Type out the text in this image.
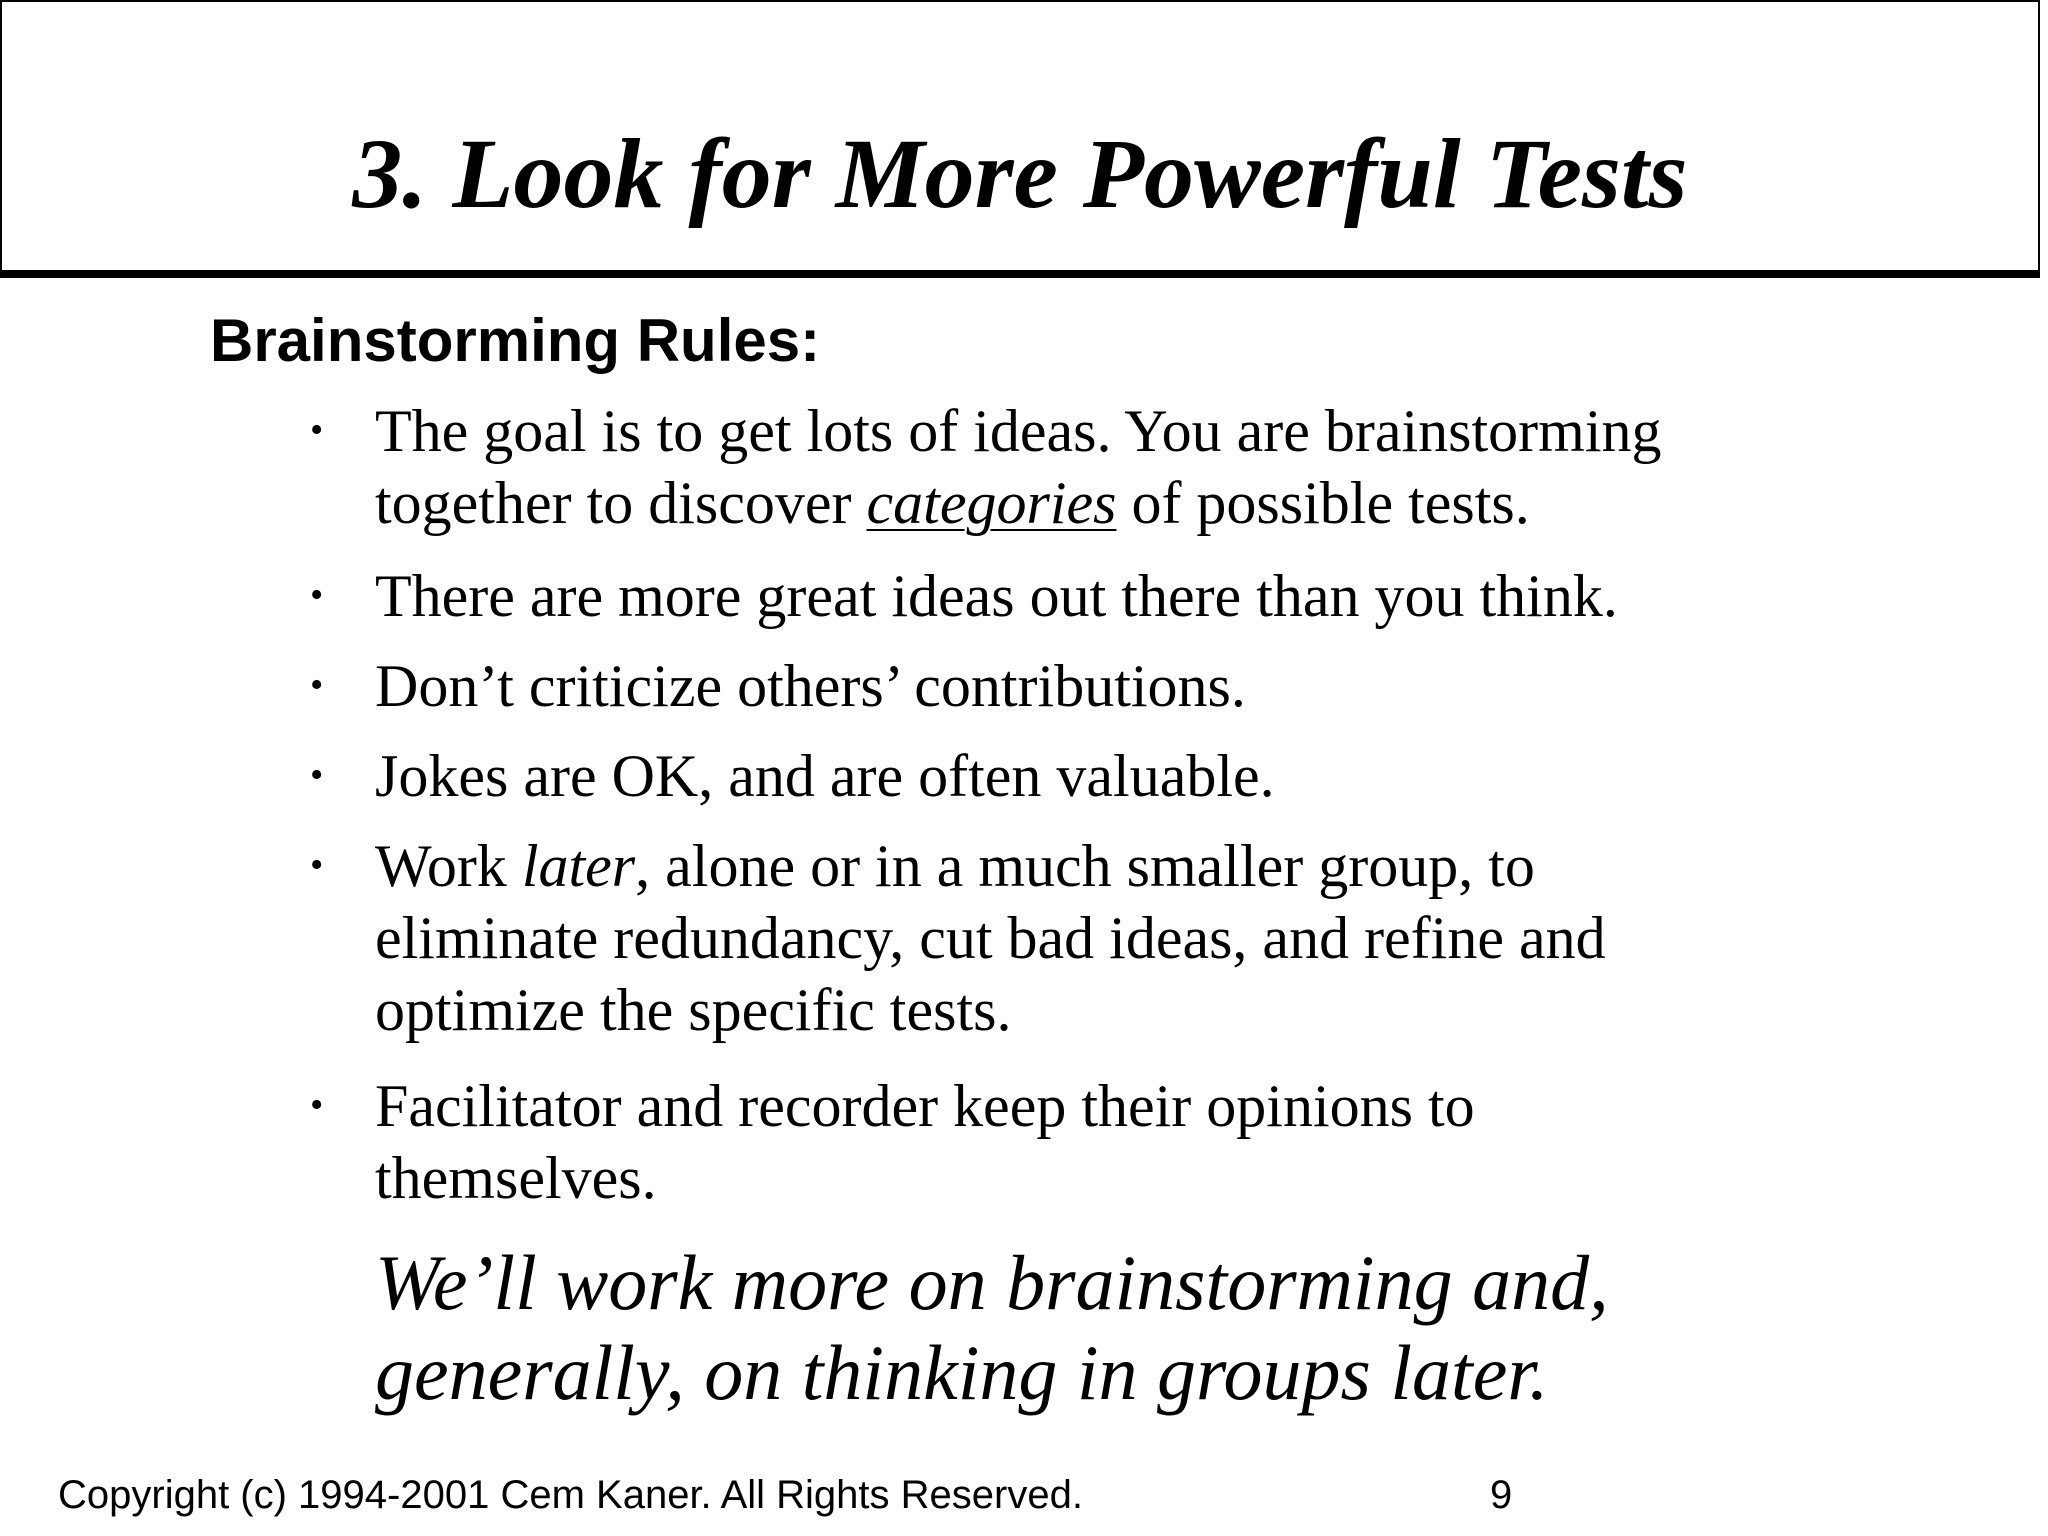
3. Look for More Powerful Tests
Brainstorming Rules:
• The goal is to get lots of ideas. You are brainstorming
together to discover categories of possible tests.
• There are more great ideas out there than you think.
• Don’t criticize others’ contributions.
• Jokes are OK, and are often valuable.
• Work later, alone or in a much smaller group, to
eliminate redundancy, cut bad ideas, and refine and
optimize the specific tests.
• Facilitator and recorder keep their opinions to
themselves.
We’ll work more on brainstorming and,
generally, on thinking in groups later.
Copyright (c) 1994-2001 Cem Kaner. All Rights Reserved.	9
